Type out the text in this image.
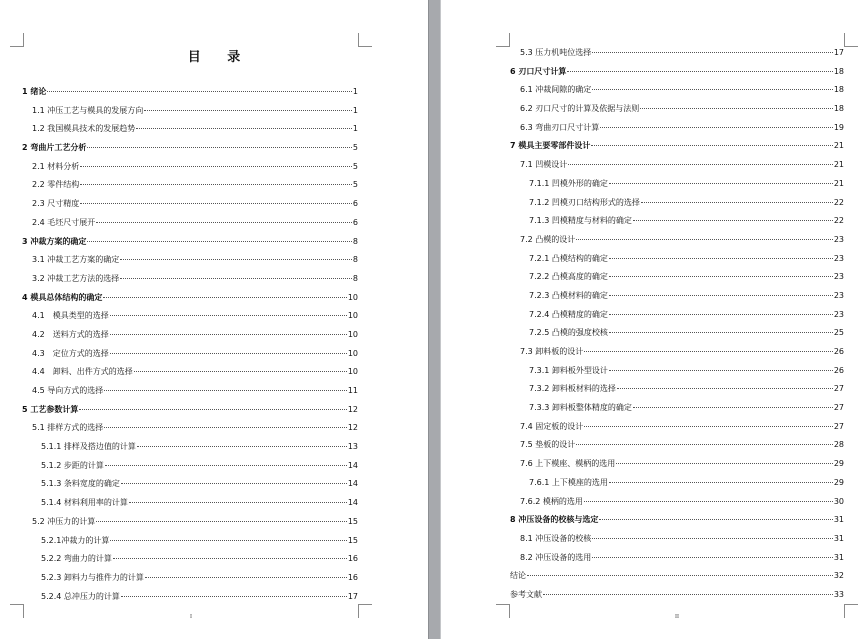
目 录
1 绪论	1
1.1 冲压工艺与模具的发展方向	1
1.2 我国模具技术的发展趋势	1
2 弯曲片工艺分析	5
2.1 材料分析	5
2.2 零件结构	5
2.3 尺寸精度	6
2.4 毛坯尺寸展开	6
3 冲裁方案的确定	8
3.1 冲裁工艺方案的确定	8
3.2 冲裁工艺方法的选择	8
4 模具总体结构的确定	10
4.1　模具类型的选择	10
4.2　送料方式的选择	10
4.3　定位方式的选择	10
4.4　卸料、出件方式的选择	10
4.5 导向方式的选择	11
5 工艺参数计算	12
5.1 排样方式的选择	12
5.1.1 排样及搭边值的计算	13
5.1.2 步距的计算	14
5.1.3 条料宽度的确定	14
5.1.4 材料利用率的计算	14
5.2 冲压力的计算	15
5.2.1冲裁力的计算	15
5.2.2 弯曲力的计算	16
5.2.3 卸料力与推件力的计算	16
5.2.4 总冲压力的计算	17
I
5.3 压力机吨位选择	17
6 刃口尺寸计算	18
6.1 冲裁间隙的确定	18
6.2 刃口尺寸的计算及依据与法则	18
6.3 弯曲刃口尺寸计算	19
7 模具主要零部件设计	21
7.1 凹模设计	21
7.1.1 凹模外形的确定	21
7.1.2 凹模刃口结构形式的选择	22
7.1.3 凹模精度与材料的确定	22
7.2 凸模的设计	23
7.2.1 凸模结构的确定	23
7.2.2 凸模高度的确定	23
7.2.3 凸模材料的确定	23
7.2.4 凸模精度的确定	23
7.2.5 凸模的强度校核	25
7.3 卸料板的设计	26
7.3.1 卸料板外型设计	26
7.3.2 卸料板材料的选择	27
7.3.3 卸料板整体精度的确定	27
7.4 固定板的设计	27
7.5 垫板的设计	28
7.6 上下模座、模柄的选用	29
7.6.1 上下模座的选用	29
7.6.2 模柄的选用	30
8 冲压设备的校核与选定	31
8.1 冲压设备的校核	31
8.2 冲压设备的选用	31
结论	32
参考文献	33
II
